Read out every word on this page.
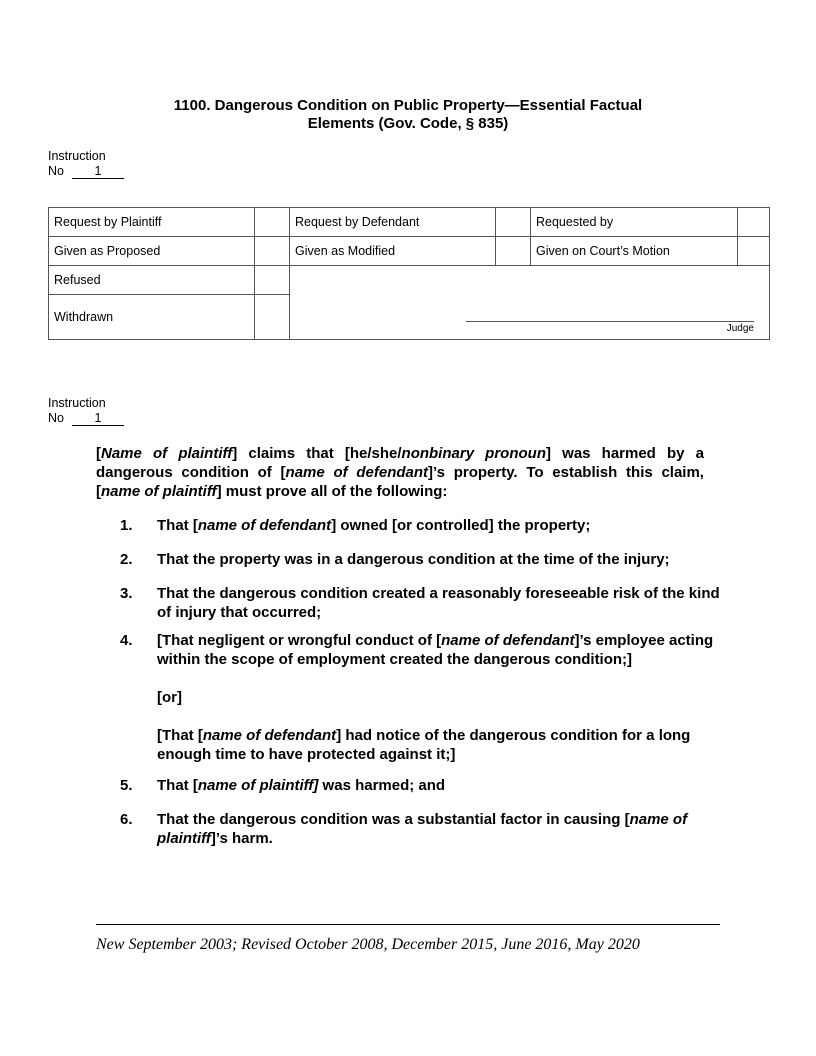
1100. Dangerous Condition on Public Property—Essential Factual
Elements (Gov. Code, § 835)
Instruction
No 1
Request by Plaintiff		Request by Defendant		Requested by	
Given as Proposed		Given as Modified		Given on Court’s Motion	
Refused					
Withdrawn					
Judge
Instruction
No 1

[Name of plaintiff] claims that [he/she/nonbinary pronoun] was harmed by a dangerous condition of [name of defendant]’s property. To establish this claim, [name of plaintiff] must prove all of the following:

1. That [name of defendant] owned [or controlled] the property;

2. That the property was in a dangerous condition at the time of the injury;

3. That the dangerous condition created a reasonably foreseeable risk of the kind of injury that occurred;

4. [That negligent or wrongful conduct of [name of defendant]’s employee acting within the scope of employment created the dangerous condition;]

[or]

[That [name of defendant] had notice of the dangerous condition for a long enough time to have protected against it;]

5. That [name of plaintiff] was harmed; and

6. That the dangerous condition was a substantial factor in causing [name of plaintiff]’s harm.

New September 2003; Revised October 2008, December 2015, June 2016, May 2020
